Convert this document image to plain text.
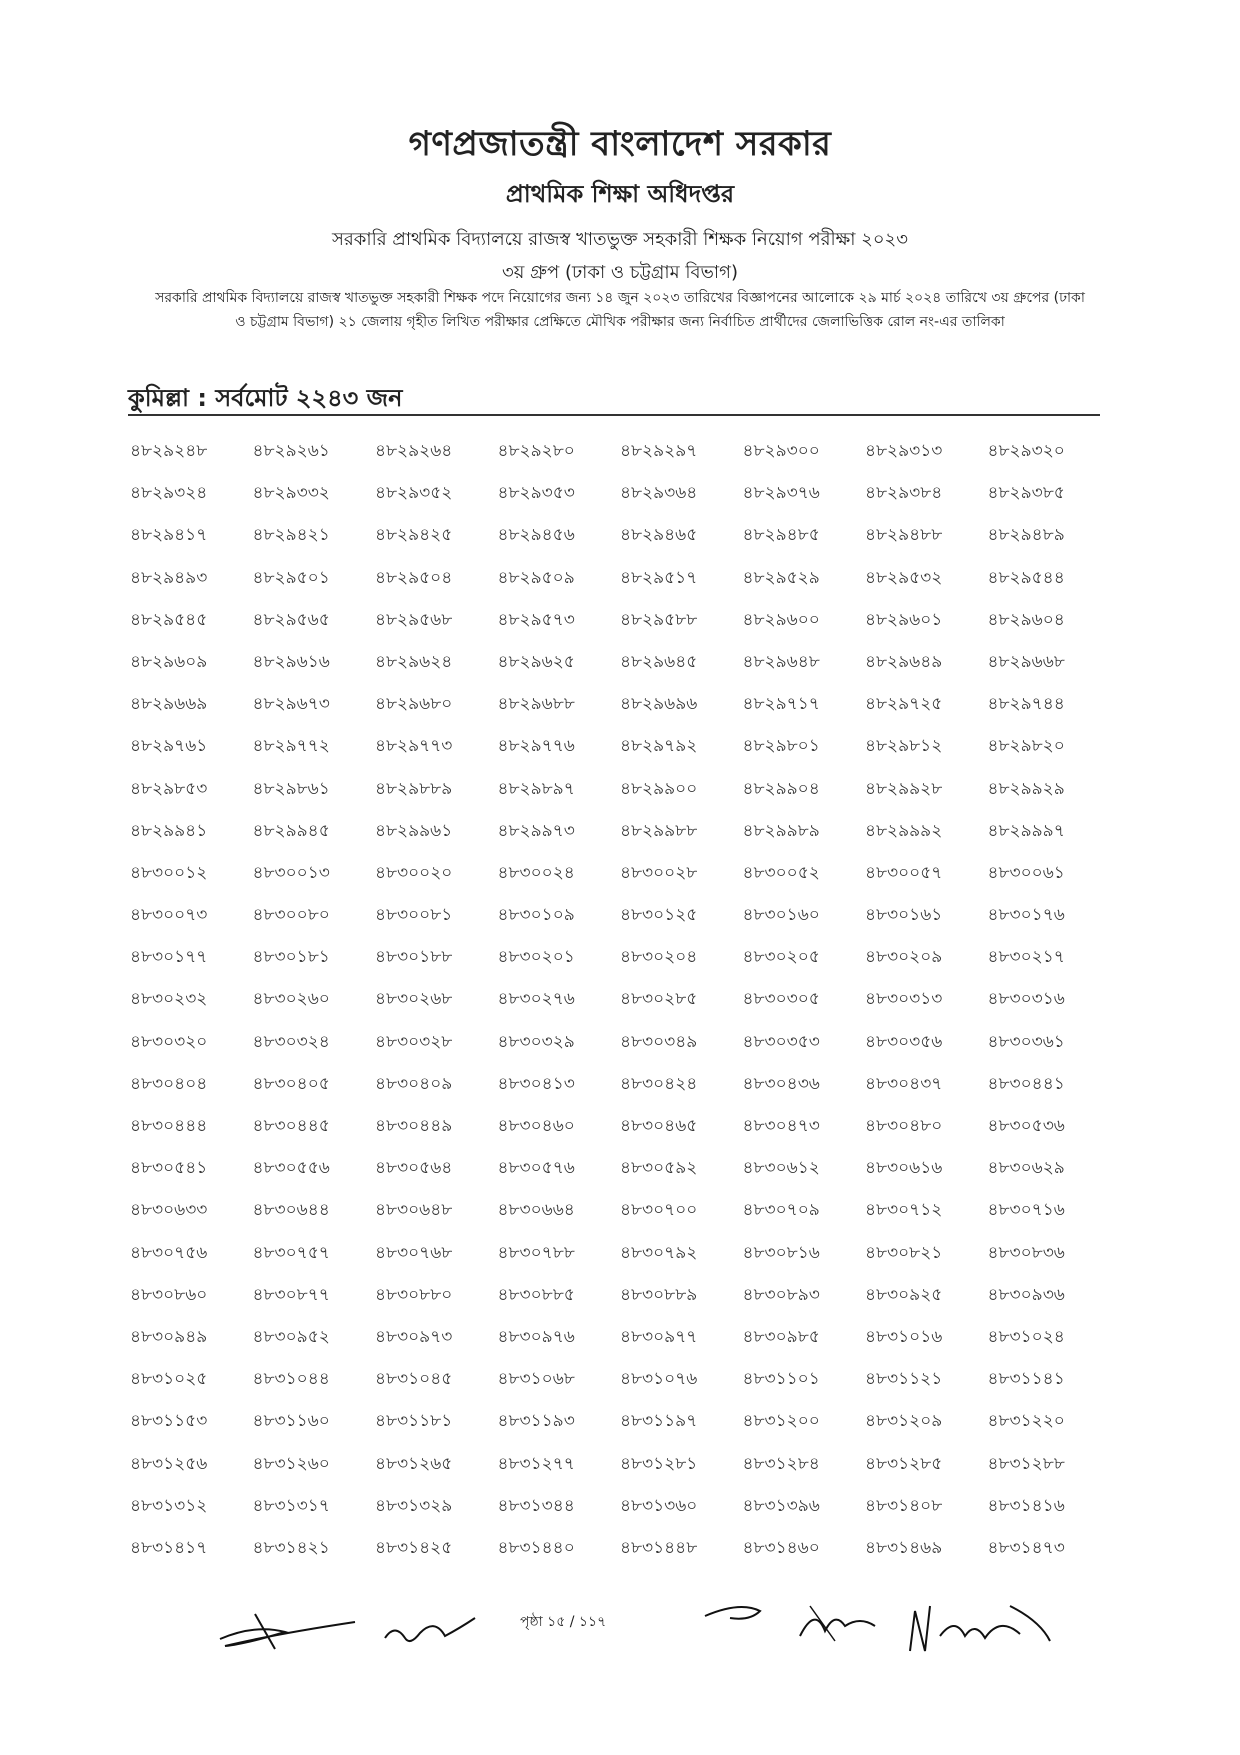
গণপ্রজাতন্ত্রী বাংলাদেশ সরকার
প্রাথমিক শিক্ষা অধিদপ্তর
সরকারি প্রাথমিক বিদ্যালয়ে রাজস্ব খাতভুক্ত সহকারী শিক্ষক নিয়োগ পরীক্ষা ২০২৩
৩য় গ্রুপ (ঢাকা ও চট্টগ্রাম বিভাগ)
সরকারি প্রাথমিক বিদ্যালয়ে রাজস্ব খাতভুক্ত সহকারী শিক্ষক পদে নিয়োগের জন্য ১৪ জুন ২০২৩ তারিখের বিজ্ঞাপনের আলোকে ২৯ মার্চ ২০২৪ তারিখে ৩য় গ্রুপের (ঢাকা ও চট্টগ্রাম বিভাগ) ২১ জেলায় গৃহীত লিখিত পরীক্ষার প্রেক্ষিতে মৌখিক পরীক্ষার জন্য নির্বাচিত প্রার্থীদের জেলাভিত্তিক রোল নং-এর তালিকা
কুমিল্লা : সর্বমোট ২২৪৩ জন
৪৮২৯২৪৮	৪৮২৯২৬১	৪৮২৯২৬৪	৪৮২৯২৮০	৪৮২৯২৯৭	৪৮২৯৩০০	৪৮২৯৩১৩	৪৮২৯৩২০
৪৮২৯৩২৪	৪৮২৯৩৩২	৪৮২৯৩৫২	৪৮২৯৩৫৩	৪৮২৯৩৬৪	৪৮২৯৩৭৬	৪৮২৯৩৮৪	৪৮২৯৩৮৫
৪৮২৯৪১৭	৪৮২৯৪২১	৪৮২৯৪২৫	৪৮২৯৪৫৬	৪৮২৯৪৬৫	৪৮২৯৪৮৫	৪৮২৯৪৮৮	৪৮২৯৪৮৯
৪৮২৯৪৯৩	৪৮২৯৫০১	৪৮২৯৫০৪	৪৮২৯৫০৯	৪৮২৯৫১৭	৪৮২৯৫২৯	৪৮২৯৫৩২	৪৮২৯৫৪৪
৪৮২৯৫৪৫	৪৮২৯৫৬৫	৪৮২৯৫৬৮	৪৮২৯৫৭৩	৪৮২৯৫৮৮	৪৮২৯৬০০	৪৮২৯৬০১	৪৮২৯৬০৪
৪৮২৯৬০৯	৪৮২৯৬১৬	৪৮২৯৬২৪	৪৮২৯৬২৫	৪৮২৯৬৪৫	৪৮২৯৬৪৮	৪৮২৯৬৪৯	৪৮২৯৬৬৮
৪৮২৯৬৬৯	৪৮২৯৬৭৩	৪৮২৯৬৮০	৪৮২৯৬৮৮	৪৮২৯৬৯৬	৪৮২৯৭১৭	৪৮২৯৭২৫	৪৮২৯৭৪৪
৪৮২৯৭৬১	৪৮২৯৭৭২	৪৮২৯৭৭৩	৪৮২৯৭৭৬	৪৮২৯৭৯২	৪৮২৯৮০১	৪৮২৯৮১২	৪৮২৯৮২০
৪৮২৯৮৫৩	৪৮২৯৮৬১	৪৮২৯৮৮৯	৪৮২৯৮৯৭	৪৮২৯৯০০	৪৮২৯৯০৪	৪৮২৯৯২৮	৪৮২৯৯২৯
৪৮২৯৯৪১	৪৮২৯৯৪৫	৪৮২৯৯৬১	৪৮২৯৯৭৩	৪৮২৯৯৮৮	৪৮২৯৯৮৯	৪৮২৯৯৯২	৪৮২৯৯৯৭
৪৮৩০০১২	৪৮৩০০১৩	৪৮৩০০২০	৪৮৩০০২৪	৪৮৩০০২৮	৪৮৩০০৫২	৪৮৩০০৫৭	৪৮৩০০৬১
৪৮৩০০৭৩	৪৮৩০০৮০	৪৮৩০০৮১	৪৮৩০১০৯	৪৮৩০১২৫	৪৮৩০১৬০	৪৮৩০১৬১	৪৮৩০১৭৬
৪৮৩০১৭৭	৪৮৩০১৮১	৪৮৩০১৮৮	৪৮৩০২০১	৪৮৩০২০৪	৪৮৩০২০৫	৪৮৩০২০৯	৪৮৩০২১৭
৪৮৩০২৩২	৪৮৩০২৬০	৪৮৩০২৬৮	৪৮৩০২৭৬	৪৮৩০২৮৫	৪৮৩০৩০৫	৪৮৩০৩১৩	৪৮৩০৩১৬
৪৮৩০৩২০	৪৮৩০৩২৪	৪৮৩০৩২৮	৪৮৩০৩২৯	৪৮৩০৩৪৯	৪৮৩০৩৫৩	৪৮৩০৩৫৬	৪৮৩০৩৬১
৪৮৩০৪০৪	৪৮৩০৪০৫	৪৮৩০৪০৯	৪৮৩০৪১৩	৪৮৩০৪২৪	৪৮৩০৪৩৬	৪৮৩০৪৩৭	৪৮৩০৪৪১
৪৮৩০৪৪৪	৪৮৩০৪৪৫	৪৮৩০৪৪৯	৪৮৩০৪৬০	৪৮৩০৪৬৫	৪৮৩০৪৭৩	৪৮৩০৪৮০	৪৮৩০৫৩৬
৪৮৩০৫৪১	৪৮৩০৫৫৬	৪৮৩০৫৬৪	৪৮৩০৫৭৬	৪৮৩০৫৯২	৪৮৩০৬১২	৪৮৩০৬১৬	৪৮৩০৬২৯
৪৮৩০৬৩৩	৪৮৩০৬৪৪	৪৮৩০৬৪৮	৪৮৩০৬৬৪	৪৮৩০৭০০	৪৮৩০৭০৯	৪৮৩০৭১২	৪৮৩০৭১৬
৪৮৩০৭৫৬	৪৮৩০৭৫৭	৪৮৩০৭৬৮	৪৮৩০৭৮৮	৪৮৩০৭৯২	৪৮৩০৮১৬	৪৮৩০৮২১	৪৮৩০৮৩৬
৪৮৩০৮৬০	৪৮৩০৮৭৭	৪৮৩০৮৮০	৪৮৩০৮৮৫	৪৮৩০৮৮৯	৪৮৩০৮৯৩	৪৮৩০৯২৫	৪৮৩০৯৩৬
৪৮৩০৯৪৯	৪৮৩০৯৫২	৪৮৩০৯৭৩	৪৮৩০৯৭৬	৪৮৩০৯৭৭	৪৮৩০৯৮৫	৪৮৩১০১৬	৪৮৩১০২৪
৪৮৩১০২৫	৪৮৩১০৪৪	৪৮৩১০৪৫	৪৮৩১০৬৮	৪৮৩১০৭৬	৪৮৩১১০১	৪৮৩১১২১	৪৮৩১১৪১
৪৮৩১১৫৩	৪৮৩১১৬০	৪৮৩১১৮১	৪৮৩১১৯৩	৪৮৩১১৯৭	৪৮৩১২০০	৪৮৩১২০৯	৪৮৩১২২০
৪৮৩১২৫৬	৪৮৩১২৬০	৪৮৩১২৬৫	৪৮৩১২৭৭	৪৮৩১২৮১	৪৮৩১২৮৪	৪৮৩১২৮৫	৪৮৩১২৮৮
৪৮৩১৩১২	৪৮৩১৩১৭	৪৮৩১৩২৯	৪৮৩১৩৪৪	৪৮৩১৩৬০	৪৮৩১৩৯৬	৪৮৩১৪০৮	৪৮৩১৪১৬
৪৮৩১৪১৭	৪৮৩১৪২১	৪৮৩১৪২৫	৪৮৩১৪৪০	৪৮৩১৪৪৮	৪৮৩১৪৬০	৪৮৩১৪৬৯	৪৮৩১৪৭৩
পৃষ্ঠা ১৫ / ১১৭
